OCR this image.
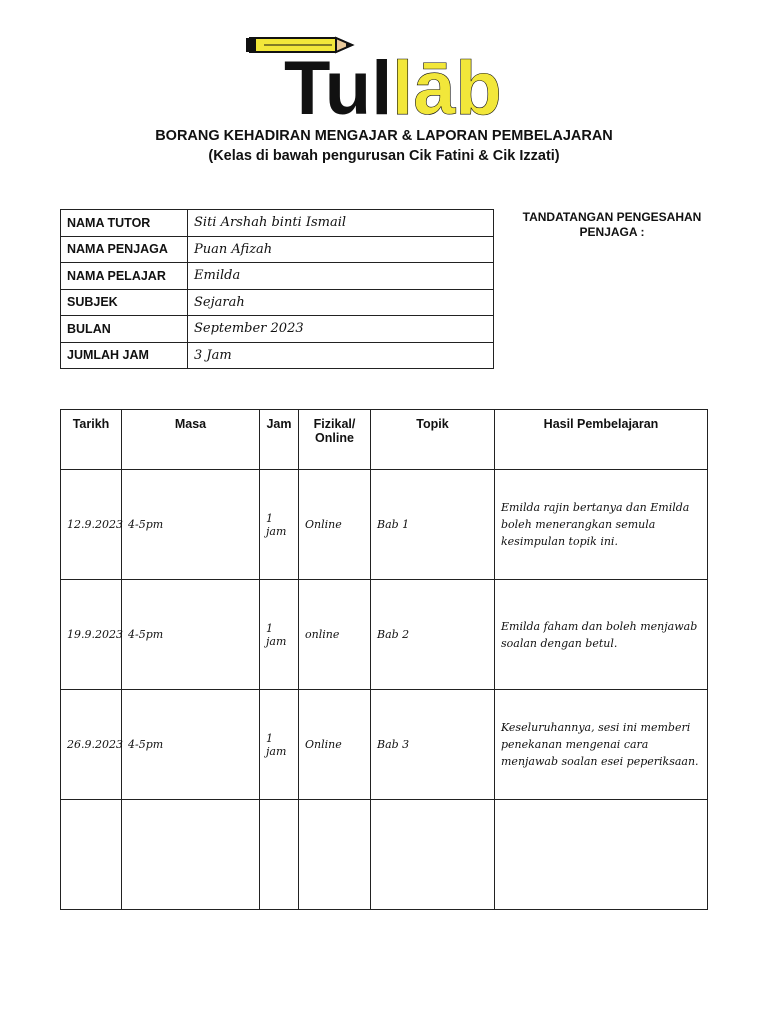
Tul lāb
BORANG KEHADIRAN MENGAJAR & LAPORAN PEMBELAJARAN
(Kelas di bawah pengurusan Cik Fatini & Cik Izzati)
NAMA TUTOR	Siti Arshah binti Ismail
NAMA PENJAGA	Puan Afizah
NAMA PELAJAR	Emilda
SUBJEK	Sejarah
BULAN	September 2023
JUMLAH JAM	3 Jam
TANDATANGAN PENGESAHAN PENJAGA :
Tarikh	Masa	Jam	Fizikal/ Online	Topik	Hasil Pembelajaran
12.9.2023	4-5pm	1 jam	Online	Bab 1	Emilda rajin bertanya dan Emilda boleh menerangkan semula kesimpulan topik ini.
19.9.2023	4-5pm	1 jam	online	Bab 2	Emilda faham dan boleh menjawab soalan dengan betul.
26.9.2023	4-5pm	1 jam	Online	Bab 3	Keseluruhannya, sesi ini memberi penekanan mengenai cara menjawab soalan esei peperiksaan.
